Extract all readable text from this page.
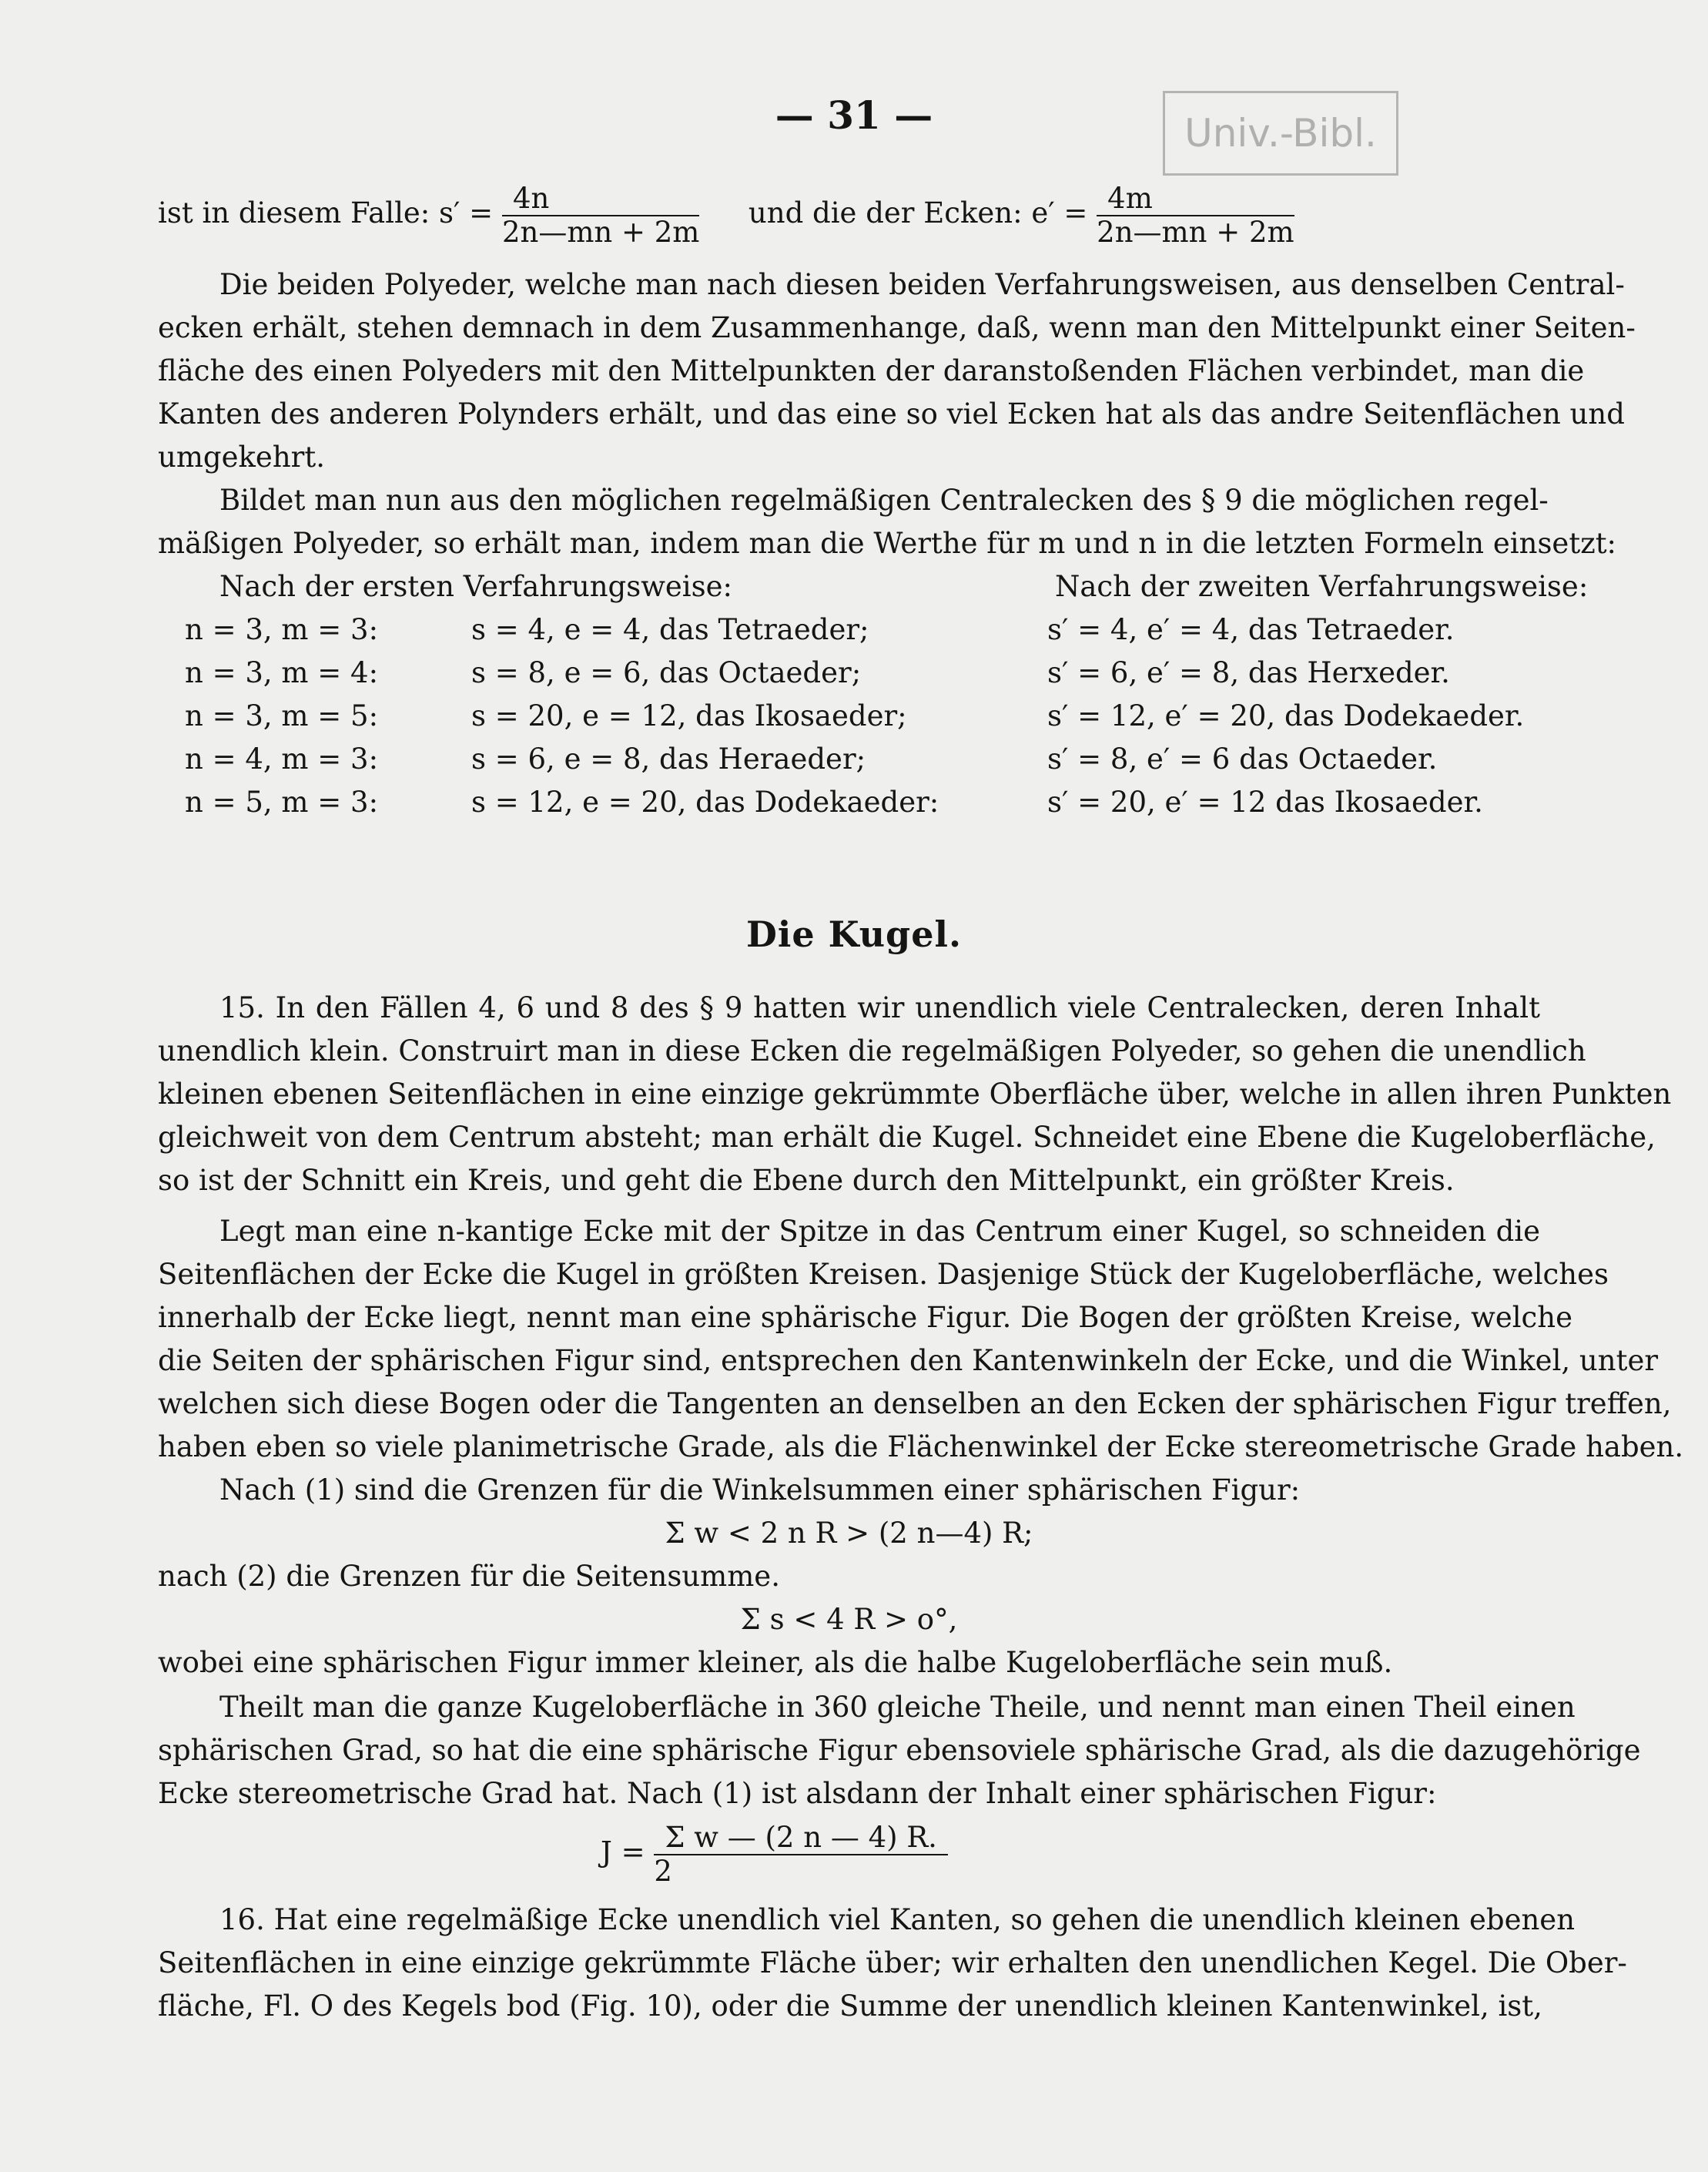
Univ.-Bibl.
— 31 —
ist in diesem Falle: $s' = \frac{4n}{2n—mn + 2m}$ und die der Ecken: $e' = \frac{4m}{2n—mn + 2m}$
Die beiden Polyeder, welche man nach diesen beiden Verfahrungsweisen, aus denselben Central-
ecken erhält, stehen demnach in dem Zusammenhange, daß, wenn man den Mittelpunkt einer Seiten-
fläche des einen Polyeders mit den Mittelpunkten der daranstoßenden Flächen verbindet, man die
Kanten des anderen Polynders erhält, und das eine so viel Ecken hat als das andre Seitenflächen und
umgekehrt.
Bildet man nun aus den möglichen regelmäßigen Centralecken des § 9 die möglichen regel-
mäßigen Polyeder, so erhält man, indem man die Werthe für m und n in die letzten Formeln einsetzt:
Nach der ersten Verfahrungsweise:	Nach der zweiten Verfahrungsweise:
n = 3, m = 3:	s = 4, e = 4, das Tetraeder;	s′ = 4, e′ = 4, das Tetraeder.
n = 3, m = 4:	s = 8, e = 6, das Octaeder;	s′ = 6, e′ = 8, das Herxeder.
n = 3, m = 5:	s = 20, e = 12, das Ikosaeder;	s′ = 12, e′ = 20, das Dodekaeder.
n = 4, m = 3:	s = 6, e = 8, das Heraeder;	s′ = 8, e′ = 6 das Octaeder.
n = 5, m = 3:	s = 12, e = 20, das Dodekaeder:	s′ = 20, e′ = 12 das Ikosaeder.
Die Kugel.
15. In den Fällen 4, 6 und 8 des § 9 hatten wir unendlich viele Centralecken, deren Inhalt
unendlich klein. Construirt man in diese Ecken die regelmäßigen Polyeder, so gehen die unendlich
kleinen ebenen Seitenflächen in eine einzige gekrümmte Oberfläche über, welche in allen ihren Punkten
gleichweit von dem Centrum absteht; man erhält die Kugel. Schneidet eine Ebene die Kugeloberfläche,
so ist der Schnitt ein Kreis, und geht die Ebene durch den Mittelpunkt, ein größter Kreis.
Legt man eine n-kantige Ecke mit der Spitze in das Centrum einer Kugel, so schneiden die
Seitenflächen der Ecke die Kugel in größten Kreisen. Dasjenige Stück der Kugeloberfläche, welches
innerhalb der Ecke liegt, nennt man eine sphärische Figur. Die Bogen der größten Kreise, welche
die Seiten der sphärischen Figur sind, entsprechen den Kantenwinkeln der Ecke, und die Winkel, unter
welchen sich diese Bogen oder die Tangenten an denselben an den Ecken der sphärischen Figur treffen,
haben eben so viele planimetrische Grade, als die Flächenwinkel der Ecke stereometrische Grade haben.
Nach (1) sind die Grenzen für die Winkelsummen einer sphärischen Figur:
Σ w < 2 n R > (2 n—4) R;
nach (2) die Grenzen für die Seitensumme.
Σ s < 4 R > o°,
wobei eine sphärischen Figur immer kleiner, als die halbe Kugeloberfläche sein muß.
Theilt man die ganze Kugeloberfläche in 360 gleiche Theile, und nennt man einen Theil einen
sphärischen Grad, so hat die eine sphärische Figur ebensoviele sphärische Grad, als die dazugehörige
Ecke stereometrische Grad hat. Nach (1) ist alsdann der Inhalt einer sphärischen Figur:
$J = \frac{\text{Σ w — (2 n — 4) R.}}{2}$
16. Hat eine regelmäßige Ecke unendlich viel Kanten, so gehen die unendlich kleinen ebenen
Seitenflächen in eine einzige gekrümmte Fläche über; wir erhalten den unendlichen Kegel. Die Ober-
fläche, Fl. O des Kegels bod (Fig. 10), oder die Summe der unendlich kleinen Kantenwinkel, ist,
